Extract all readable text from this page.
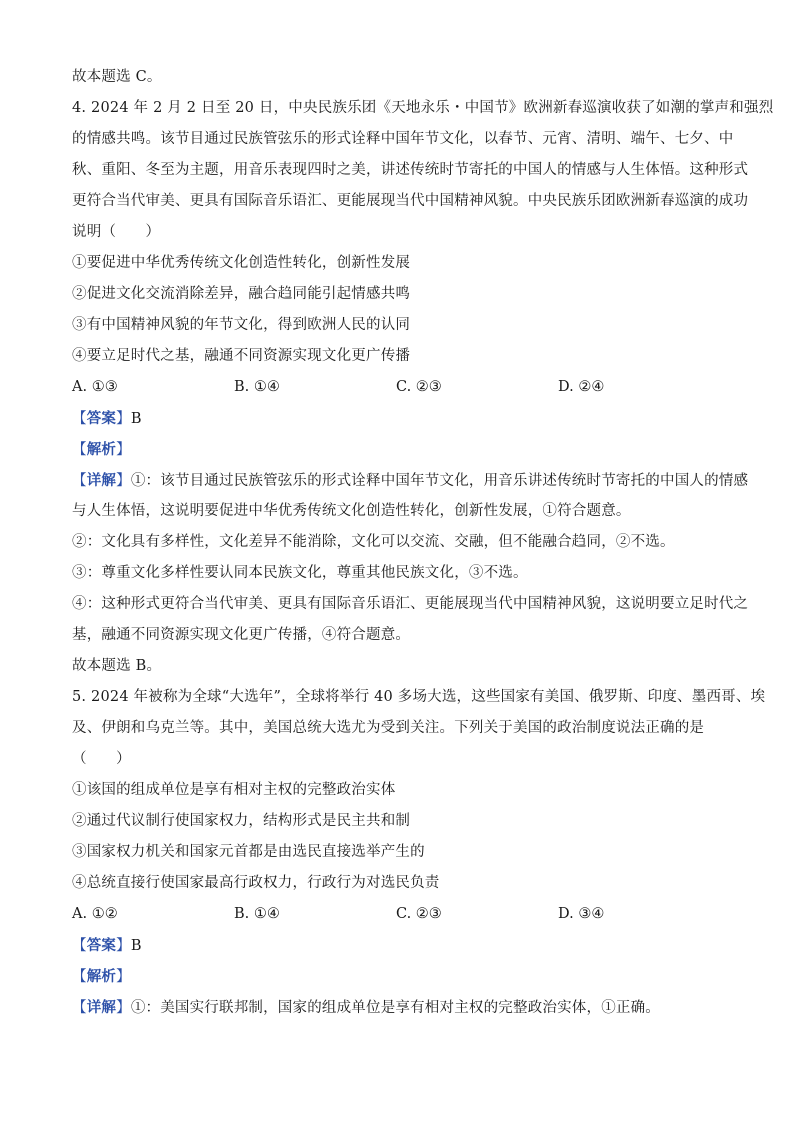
故本题选 C。
4. 2024 年 2 月 2 日至 20 日，中央民族乐团《天地永乐・中国节》欧洲新春巡演收获了如潮的掌声和强烈
的情感共鸣。该节目通过民族管弦乐的形式诠释中国年节文化，以春节、元宵、清明、端午、七夕、中
秋、重阳、冬至为主题，用音乐表现四时之美，讲述传统时节寄托的中国人的情感与人生体悟。这种形式
更符合当代审美、更具有国际音乐语汇、更能展现当代中国精神风貌。中央民族乐团欧洲新春巡演的成功
说明（　　）
①要促进中华优秀传统文化创造性转化，创新性发展
②促进文化交流消除差异，融合趋同能引起情感共鸣
③有中国精神风貌的年节文化，得到欧洲人民的认同
④要立足时代之基，融通不同资源实现文化更广传播
A. ①③	B. ①④	C. ②③	D. ②④
【答案】B
【解析】
【详解】①：该节目通过民族管弦乐的形式诠释中国年节文化，用音乐讲述传统时节寄托的中国人的情感
与人生体悟，这说明要促进中华优秀传统文化创造性转化，创新性发展，①符合题意。
②：文化具有多样性，文化差异不能消除，文化可以交流、交融，但不能融合趋同，②不选。
③：尊重文化多样性要认同本民族文化，尊重其他民族文化，③不选。
④：这种形式更符合当代审美、更具有国际音乐语汇、更能展现当代中国精神风貌，这说明要立足时代之
基，融通不同资源实现文化更广传播，④符合题意。
故本题选 B。
5. 2024 年被称为全球“大选年”，全球将举行 40 多场大选，这些国家有美国、俄罗斯、印度、墨西哥、埃
及、伊朗和乌克兰等。其中，美国总统大选尤为受到关注。下列关于美国的政治制度说法正确的是
（　　）
①该国的组成单位是享有相对主权的完整政治实体
②通过代议制行使国家权力，结构形式是民主共和制
③国家权力机关和国家元首都是由选民直接选举产生的
④总统直接行使国家最高行政权力，行政行为对选民负责
A. ①②	B. ①④	C. ②③	D. ③④
【答案】B
【解析】
【详解】①：美国实行联邦制，国家的组成单位是享有相对主权的完整政治实体，①正确。
